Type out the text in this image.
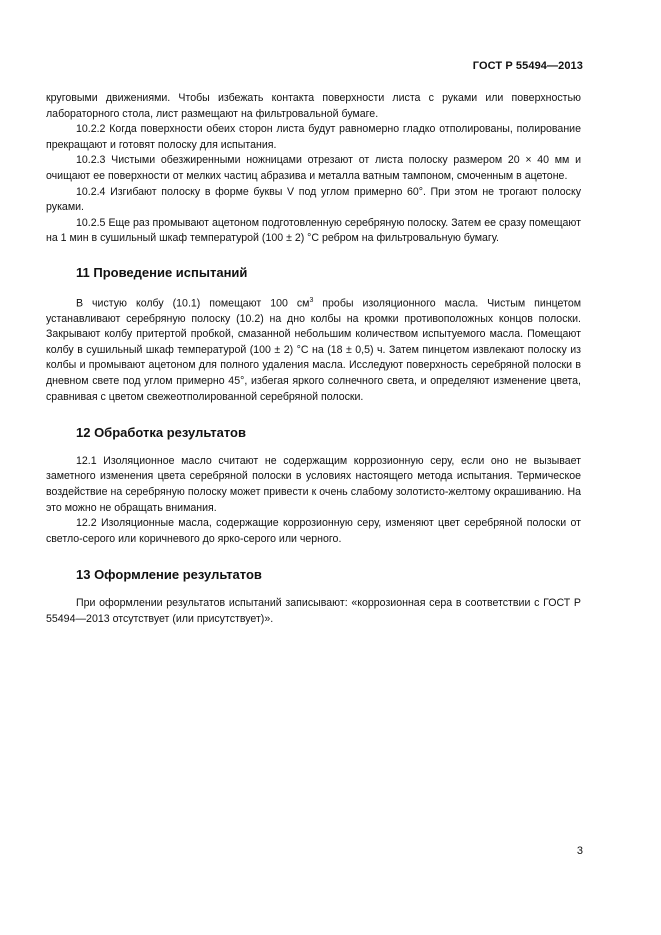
ГОСТ Р 55494—2013

круговыми движениями. Чтобы избежать контакта поверхности листа с руками или поверхностью лабораторного стола, лист размещают на фильтровальной бумаге.

10.2.2 Когда поверхности обеих сторон листа будут равномерно гладко отполированы, полирование прекращают и готовят полоску для испытания.

10.2.3 Чистыми обезжиренными ножницами отрезают от листа полоску размером 20 × 40 мм и очищают ее поверхности от мелких частиц абразива и металла ватным тампоном, смоченным в ацетоне.

10.2.4 Изгибают полоску в форме буквы V под углом примерно 60°. При этом не трогают полоску руками.

10.2.5 Еще раз промывают ацетоном подготовленную серебряную полоску. Затем ее сразу помещают на 1 мин в сушильный шкаф температурой (100 ± 2) °С ребром на фильтровальную бумагу.

11 Проведение испытаний

В чистую колбу (10.1) помещают 100 $см^3$ пробы изоляционного масла. Чистым пинцетом устанавливают серебряную полоску (10.2) на дно колбы на кромки противоположных концов полоски. Закрывают колбу притертой пробкой, смазанной небольшим количеством испытуемого масла. Помещают колбу в сушильный шкаф температурой (100 ± 2) °С на (18 ± 0,5) ч. Затем пинцетом извлекают полоску из колбы и промывают ацетоном для полного удаления масла. Исследуют поверхность серебряной полоски в дневном свете под углом примерно 45°, избегая яркого солнечного света, и определяют изменение цвета, сравнивая с цветом свежеотполированной серебряной полоски.

12 Обработка результатов

12.1 Изоляционное масло считают не содержащим коррозионную серу, если оно не вызывает заметного изменения цвета серебряной полоски в условиях настоящего метода испытания. Термическое воздействие на серебряную полоску может привести к очень слабому золотисто-желтому окрашиванию. На это можно не обращать внимания.

12.2 Изоляционные масла, содержащие коррозионную серу, изменяют цвет серебряной полоски от светло-серого или коричневого до ярко-серого или черного.

13 Оформление результатов

При оформлении результатов испытаний записывают: «коррозионная сера в соответствии с ГОСТ Р 55494—2013 отсутствует (или присутствует)».

3
